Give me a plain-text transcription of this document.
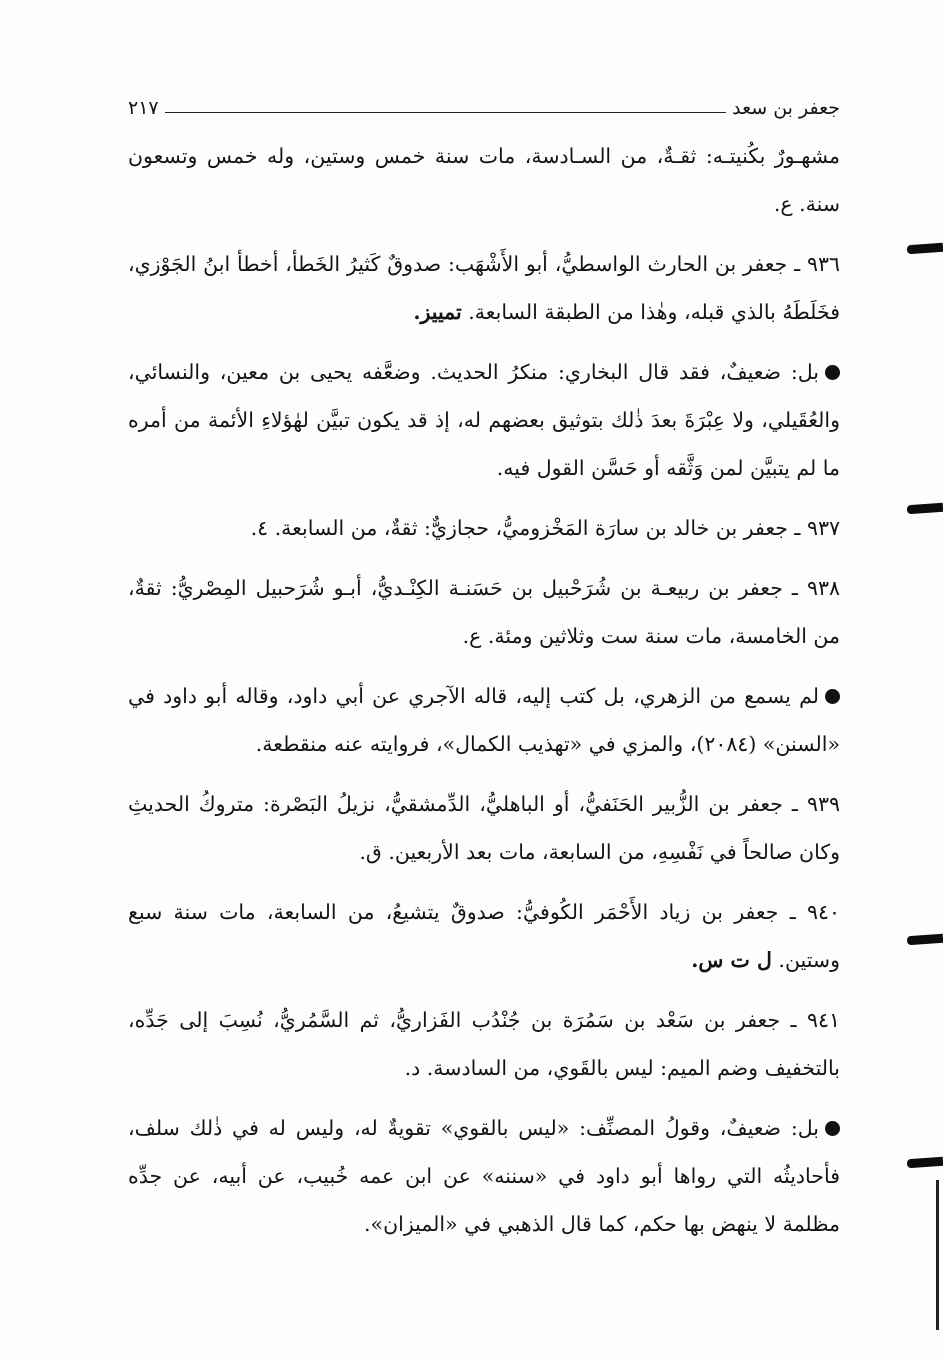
جعفر بن سعد
٢١٧

مشهـورٌ بكُنيتـه: ثقـةٌ، من السـادسة، مات سنة خمس وستين، وله خمس وتسعون سنة. ع.

٩٣٦ ـ جعفر بن الحارث الواسطيُّ، أبو الأَشْهَب: صدوقٌ كَثيرُ الخَطأ، أخطأ ابنُ الجَوْزي، فخَلَطَهُ بالذي قبله، وهٰذا من الطبقة السابعة. تمييز.

بل: ضعيفٌ، فقد قال البخاري: منكرُ الحديث. وضعَّفه يحيى بن معين، والنسائي، والعُقَيلي، ولا عِبْرَةَ بعدَ ذٰلك بتوثيق بعضهم له، إذ قد يكون تبيَّن لهٰؤلاءِ الأئمة من أمره ما لم يتبيَّن لمن وَثَّقه أو حَسَّن القول فيه.

٩٣٧ ـ جعفر بن خالد بن سارَة المَخْزوميُّ، حجازيٌّ: ثقةٌ، من السابعة. ٤.

٩٣٨ ـ جعفر بن ربيعـة بن شُرَحْبيل بن حَسَنـة الكِنْـديُّ، أبـو شُرَحبيل المِصْريُّ: ثقةٌ، من الخامسة، مات سنة ست وثلاثين ومئة. ع.

لم يسمع من الزهري، بل كتب إليه، قاله الآجري عن أبي داود، وقاله أبو داود في «السنن» (٢٠٨٤)، والمزي في «تهذيب الكمال»، فروايته عنه منقطعة.

٩٣٩ ـ جعفر بن الزُّبير الحَنَفيُّ، أو الباهليُّ، الدِّمشقيُّ، نزيلُ البَصْرة: متروكُ الحديثِ وكان صالحاً في نَفْسِهِ، من السابعة، مات بعد الأربعين. ق.

٩٤٠ ـ جعفر بن زياد الأَحْمَر الكُوفيُّ: صدوقٌ يتشيعُ، من السابعة، مات سنة سبع وستين. ل ت س.

٩٤١ ـ جعفر بن سَعْد بن سَمُرَة بن جُنْدُب الفَزاريُّ، ثم السَّمُريُّ، نُسِبَ إلى جَدِّه، بالتخفيف وضم الميم: ليس بالقَوي، من السادسة. د.

بل: ضعيفٌ، وقولُ المصنِّف: «ليس بالقوي» تقويةٌ له، وليس له في ذٰلك سلف، فأحاديثُه التي رواها أبو داود في «سننه» عن ابن عمه خُبيب، عن أبيه، عن جدِّه مظلمة لا ينهض بها حكم، كما قال الذهبي في «الميزان».
